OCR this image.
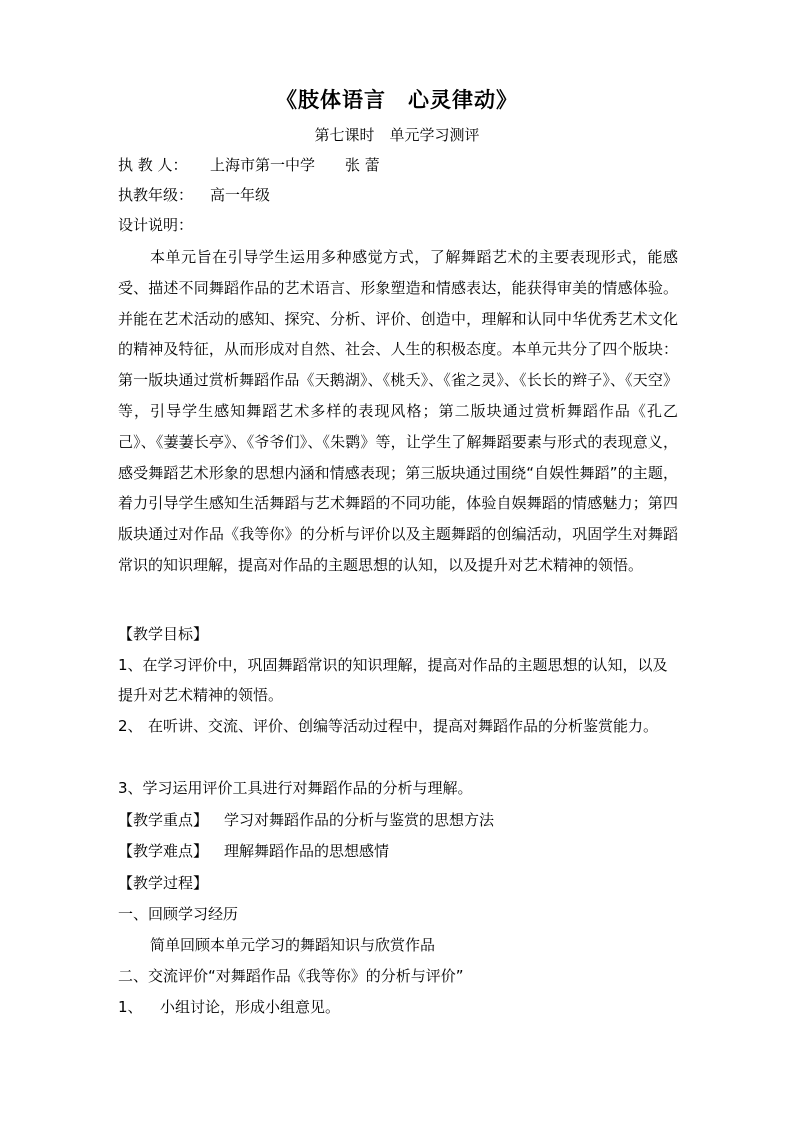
《肢体语言　心灵律动》
第七课时　单元学习测评
执 教 人： 上海市第一中学　　张 蕾
执教年级： 高一年级
设计说明：
本单元旨在引导学生运用多种感觉方式，了解舞蹈艺术的主要表现形式，能感受、描述不同舞蹈作品的艺术语言、形象塑造和情感表达，能获得审美的情感体验。并能在艺术活动的感知、探究、分析、评价、创造中，理解和认同中华优秀艺术文化的精神及特征，从而形成对自然、社会、人生的积极态度。本单元共分了四个版块：第一版块通过赏析舞蹈作品《天鹅湖》、《桃夭》、《雀之灵》、《长长的辫子》、《天空》等，引导学生感知舞蹈艺术多样的表现风格；第二版块通过赏析舞蹈作品《孔乙己》、《萋萋长亭》、《爷爷们》、《朱鹮》等，让学生了解舞蹈要素与形式的表现意义，感受舞蹈艺术形象的思想内涵和情感表现；第三版块通过围绕“自娱性舞蹈”的主题，着力引导学生感知生活舞蹈与艺术舞蹈的不同功能，体验自娱舞蹈的情感魅力；第四版块通过对作品《我等你》的分析与评价以及主题舞蹈的创编活动，巩固学生对舞蹈常识的知识理解，提高对作品的主题思想的认知，以及提升对艺术精神的领悟。
【教学目标】
1、在学习评价中，巩固舞蹈常识的知识理解，提高对作品的主题思想的认知，以及提升对艺术精神的领悟。
2、 在听讲、交流、评价、创编等活动过程中，提高对舞蹈作品的分析鉴赏能力。
3、学习运用评价工具进行对舞蹈作品的分析与理解。
【教学重点】 学习对舞蹈作品的分析与鉴赏的思想方法
【教学难点】 理解舞蹈作品的思想感情
【教学过程】
一、回顾学习经历
简单回顾本单元学习的舞蹈知识与欣赏作品
二、交流评价“对舞蹈作品《我等你》的分析与评价”
1、 小组讨论，形成小组意见。
